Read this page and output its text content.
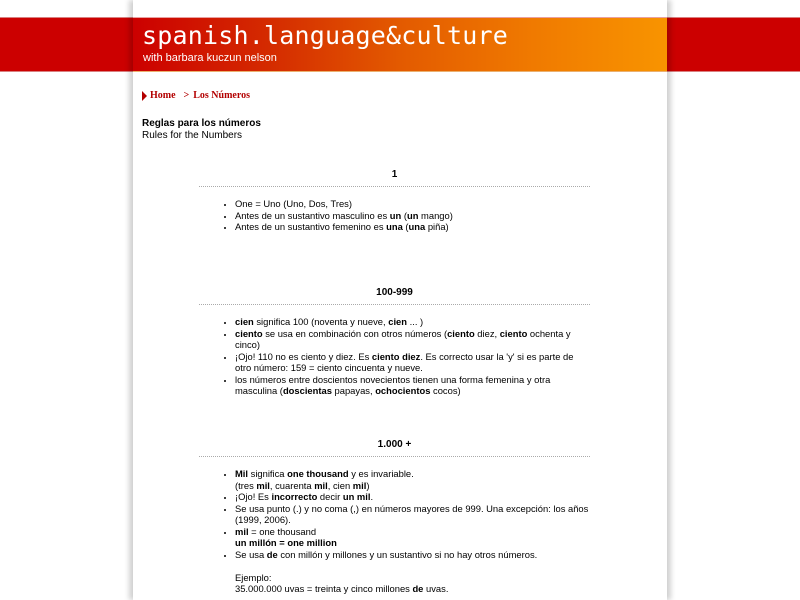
spanish.language&culture
with barbara kuczun nelson
Home > Los Números
Reglas para los números
Rules for the Numbers
1
• One = Uno (Uno, Dos, Tres)
• Antes de un sustantivo masculino es un (un mango)
• Antes de un sustantivo femenino es una (una piña)
100-999
• cien significa 100 (noventa y nueve, cien ... )
• ciento se usa en combinación con otros números (ciento diez, ciento ochenta y cinco)
• ¡Ojo! 110 no es ciento y diez. Es ciento diez. Es correcto usar la 'y' si es parte de otro número: 159 = ciento cincuenta y nueve.
• los números entre doscientos novecientos tienen una forma femenina y otra masculina (doscientas papayas, ochocientos cocos)
1.000 +
• Mil significa one thousand y es invariable.
(tres mil, cuarenta mil, cien mil)
• ¡Ojo! Es incorrecto decir un mil.
• Se usa punto (.) y no coma (,) en números mayores de 999. Una excepción: los años (1999, 2006).
• mil = one thousand
un millón = one million
• Se usa de con millón y millones y un sustantivo si no hay otros números.
Ejemplo:
35.000.000 uvas = treinta y cinco millones de uvas.
